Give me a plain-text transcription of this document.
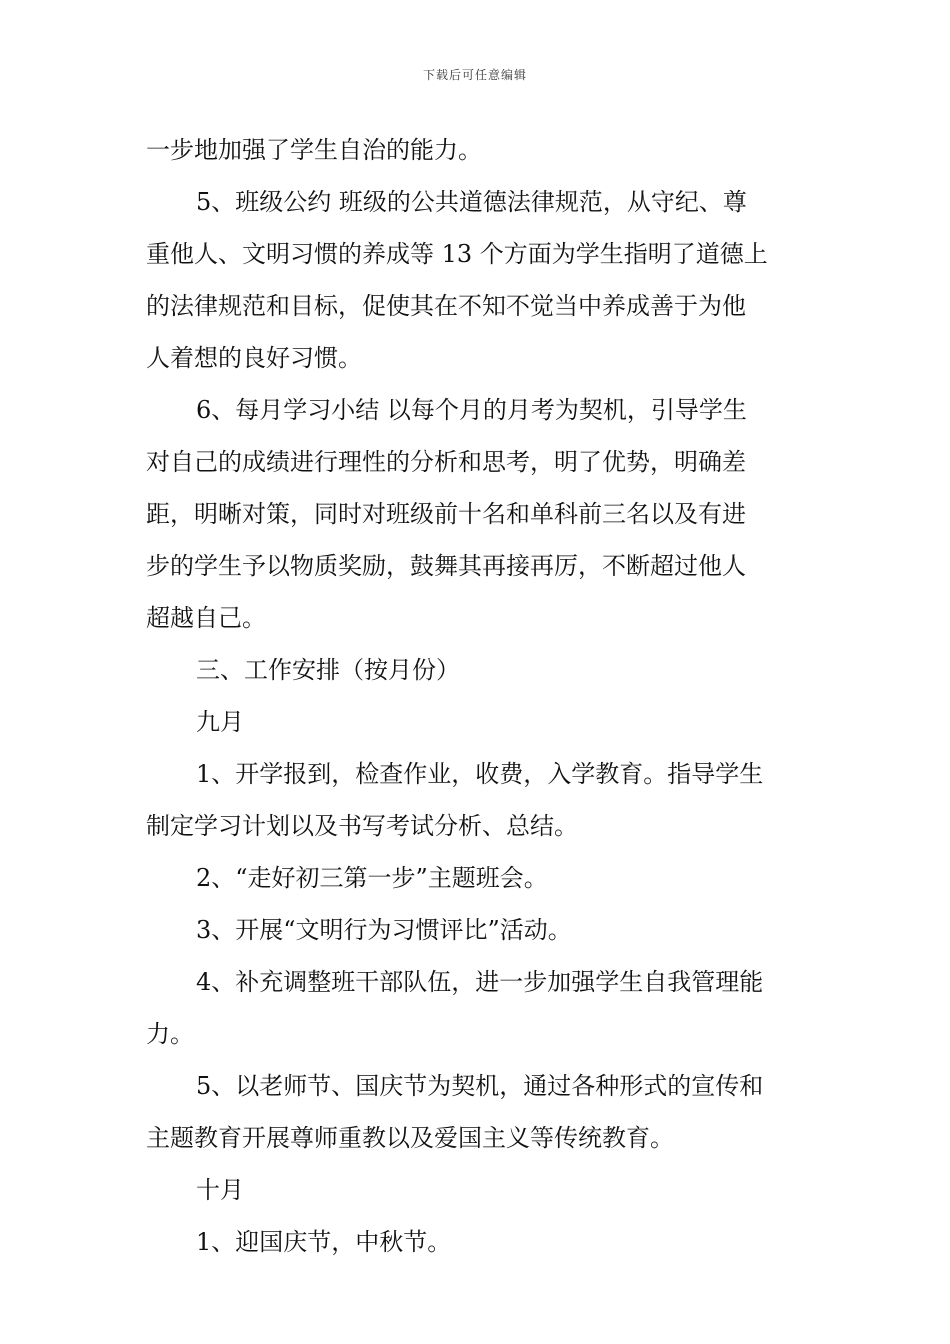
下载后可任意编辑
一步地加强了学生自治的能力。
5、班级公约 班级的公共道德法律规范，从守纪、尊
重他人、文明习惯的养成等 13 个方面为学生指明了道德上
的法律规范和目标，促使其在不知不觉当中养成善于为他
人着想的良好习惯。
6、每月学习小结 以每个月的月考为契机，引导学生
对自己的成绩进行理性的分析和思考，明了优势，明确差
距，明晰对策，同时对班级前十名和单科前三名以及有进
步的学生予以物质奖励，鼓舞其再接再厉，不断超过他人
超越自己。
三、工作安排（按月份）
九月
1、开学报到，检查作业，收费，入学教育。指导学生
制定学习计划以及书写考试分析、总结。
2、“走好初三第一步”主题班会。
3、开展“文明行为习惯评比”活动。
4、补充调整班干部队伍，进一步加强学生自我管理能
力。
5、以老师节、国庆节为契机，通过各种形式的宣传和
主题教育开展尊师重教以及爱国主义等传统教育。
十月
1、迎国庆节，中秋节。
